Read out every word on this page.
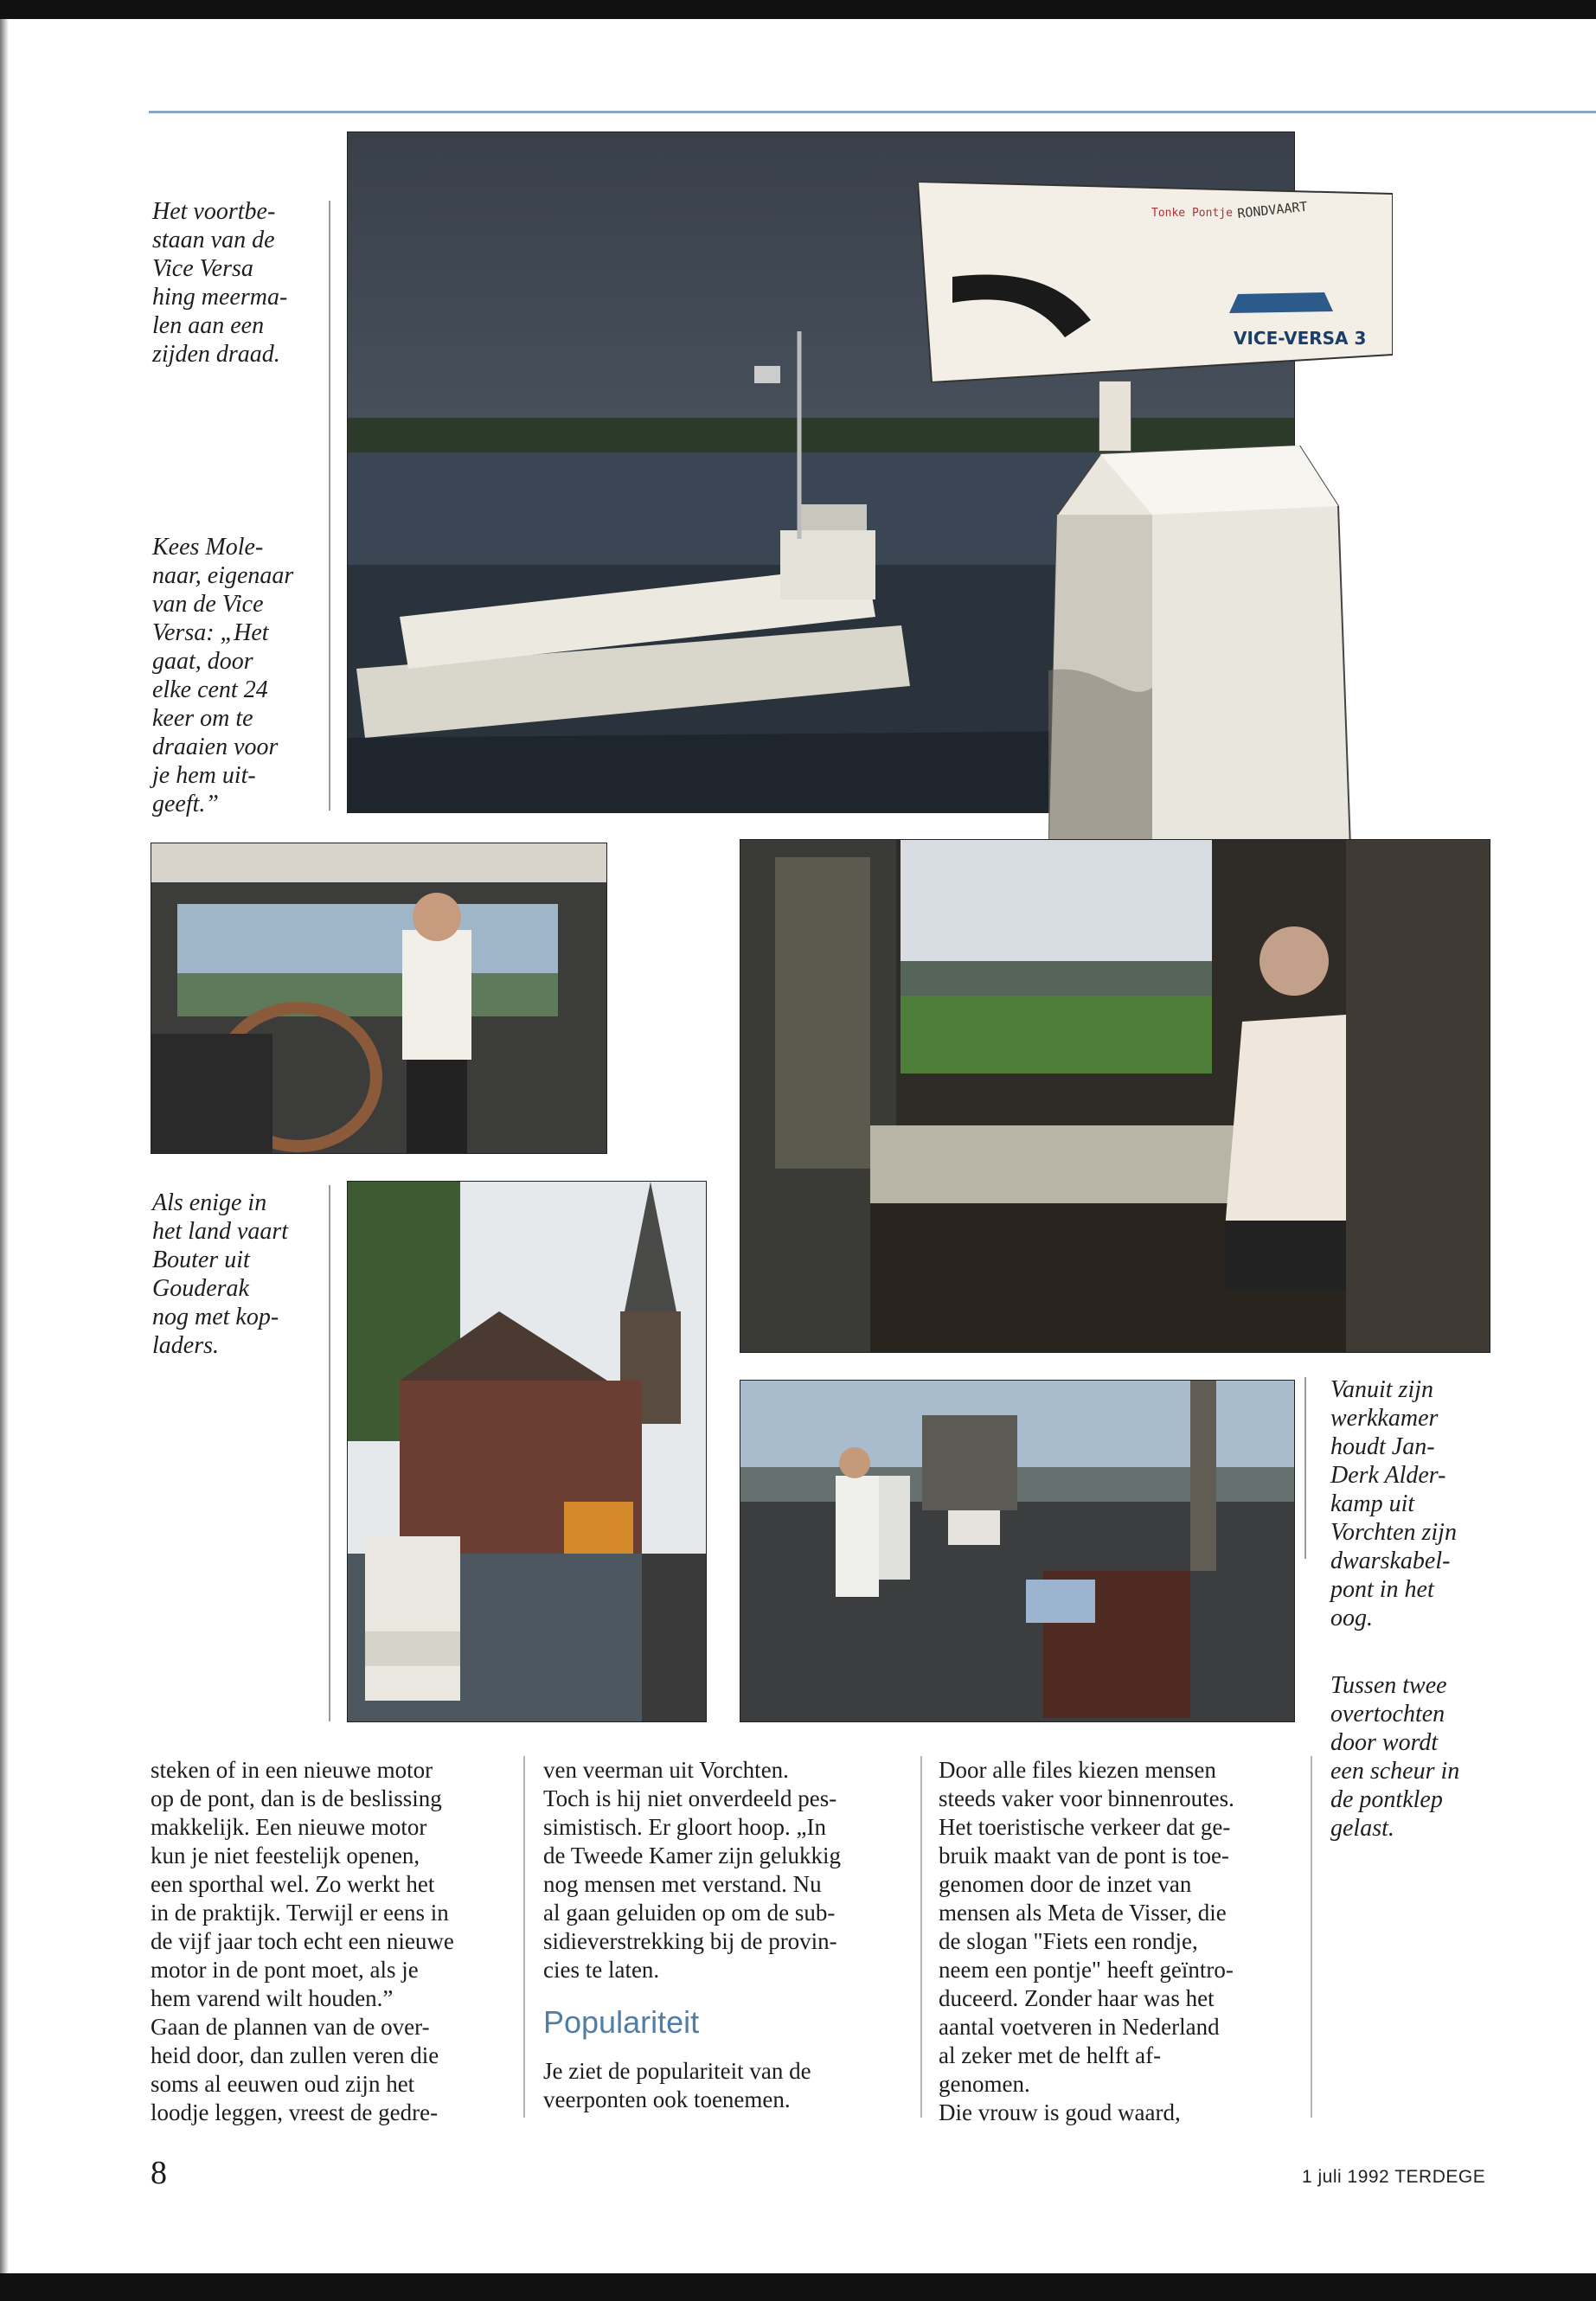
Het voortbe-
staan van de
Vice Versa
hing meerma-
len aan een
zijden draad.
Kees Mole-
naar, eigenaar
van de Vice
Versa: „Het
gaat, door
elke cent 24
keer om te
draaien voor
je hem uit-
geeft.”
Tonke Pontje RONDVAART
VICE-VERSA 3
Als enige in
het land vaart
Bouter uit
Gouderak
nog met kop-
laders.
Vanuit zijn
werkkamer
houdt Jan-
Derk Alder-
kamp uit
Vorchten zijn
dwarskabel-
pont in het
oog.
Tussen twee
overtochten
door wordt
een scheur in
de pontklep
gelast.
steken of in een nieuwe motor
op de pont, dan is de beslissing
makkelijk. Een nieuwe motor
kun je niet feestelijk openen,
een sporthal wel. Zo werkt het
in de praktijk. Terwijl er eens in
de vijf jaar toch echt een nieuwe
motor in de pont moet, als je
hem varend wilt houden.”
Gaan de plannen van de over-
heid door, dan zullen veren die
soms al eeuwen oud zijn het
loodje leggen, vreest de gedre-
ven veerman uit Vorchten.
Toch is hij niet onverdeeld pes-
simistisch. Er gloort hoop. „In
de Tweede Kamer zijn gelukkig
nog mensen met verstand. Nu
al gaan geluiden op om de sub-
sidieverstrekking bij de provin-
cies te laten.
Populariteit
Je ziet de populariteit van de
veerponten ook toenemen.
Door alle files kiezen mensen
steeds vaker voor binnenroutes.
Het toeristische verkeer dat ge-
bruik maakt van de pont is toe-
genomen door de inzet van
mensen als Meta de Visser, die
de slogan "Fiets een rondje,
neem een pontje" heeft geïntro-
duceerd. Zonder haar was het
aantal voetveren in Nederland
al zeker met de helft af-
genomen.
Die vrouw is goud waard,
8	1 juli 1992 TERDEGE
